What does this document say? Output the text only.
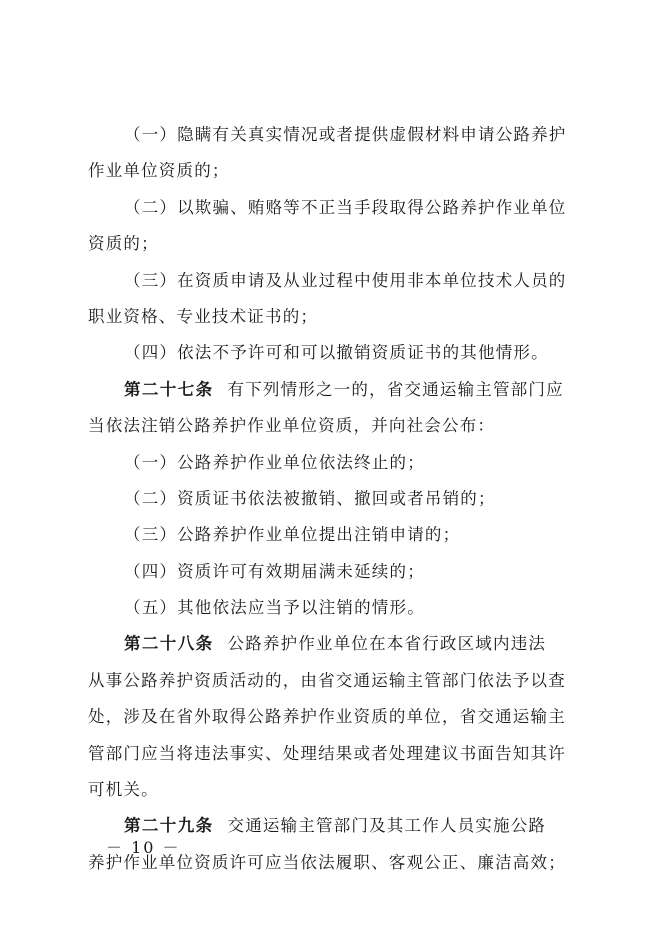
（一）隐瞒有关真实情况或者提供虚假材料申请公路养护
作业单位资质的；
（二）以欺骗、贿赂等不正当手段取得公路养护作业单位
资质的；
（三）在资质申请及从业过程中使用非本单位技术人员的
职业资格、专业技术证书的；
（四）依法不予许可和可以撤销资质证书的其他情形。
第二十七条 有下列情形之一的，省交通运输主管部门应
当依法注销公路养护作业单位资质，并向社会公布：
（一）公路养护作业单位依法终止的；
（二）资质证书依法被撤销、撤回或者吊销的；
（三）公路养护作业单位提出注销申请的；
（四）资质许可有效期届满未延续的；
（五）其他依法应当予以注销的情形。
第二十八条 公路养护作业单位在本省行政区域内违法
从事公路养护资质活动的，由省交通运输主管部门依法予以查
处，涉及在省外取得公路养护作业资质的单位，省交通运输主
管部门应当将违法事实、处理结果或者处理建议书面告知其许
可机关。
第二十九条 交通运输主管部门及其工作人员实施公路
养护作业单位资质许可应当依法履职、客观公正、廉洁高效；
－ 10 －
